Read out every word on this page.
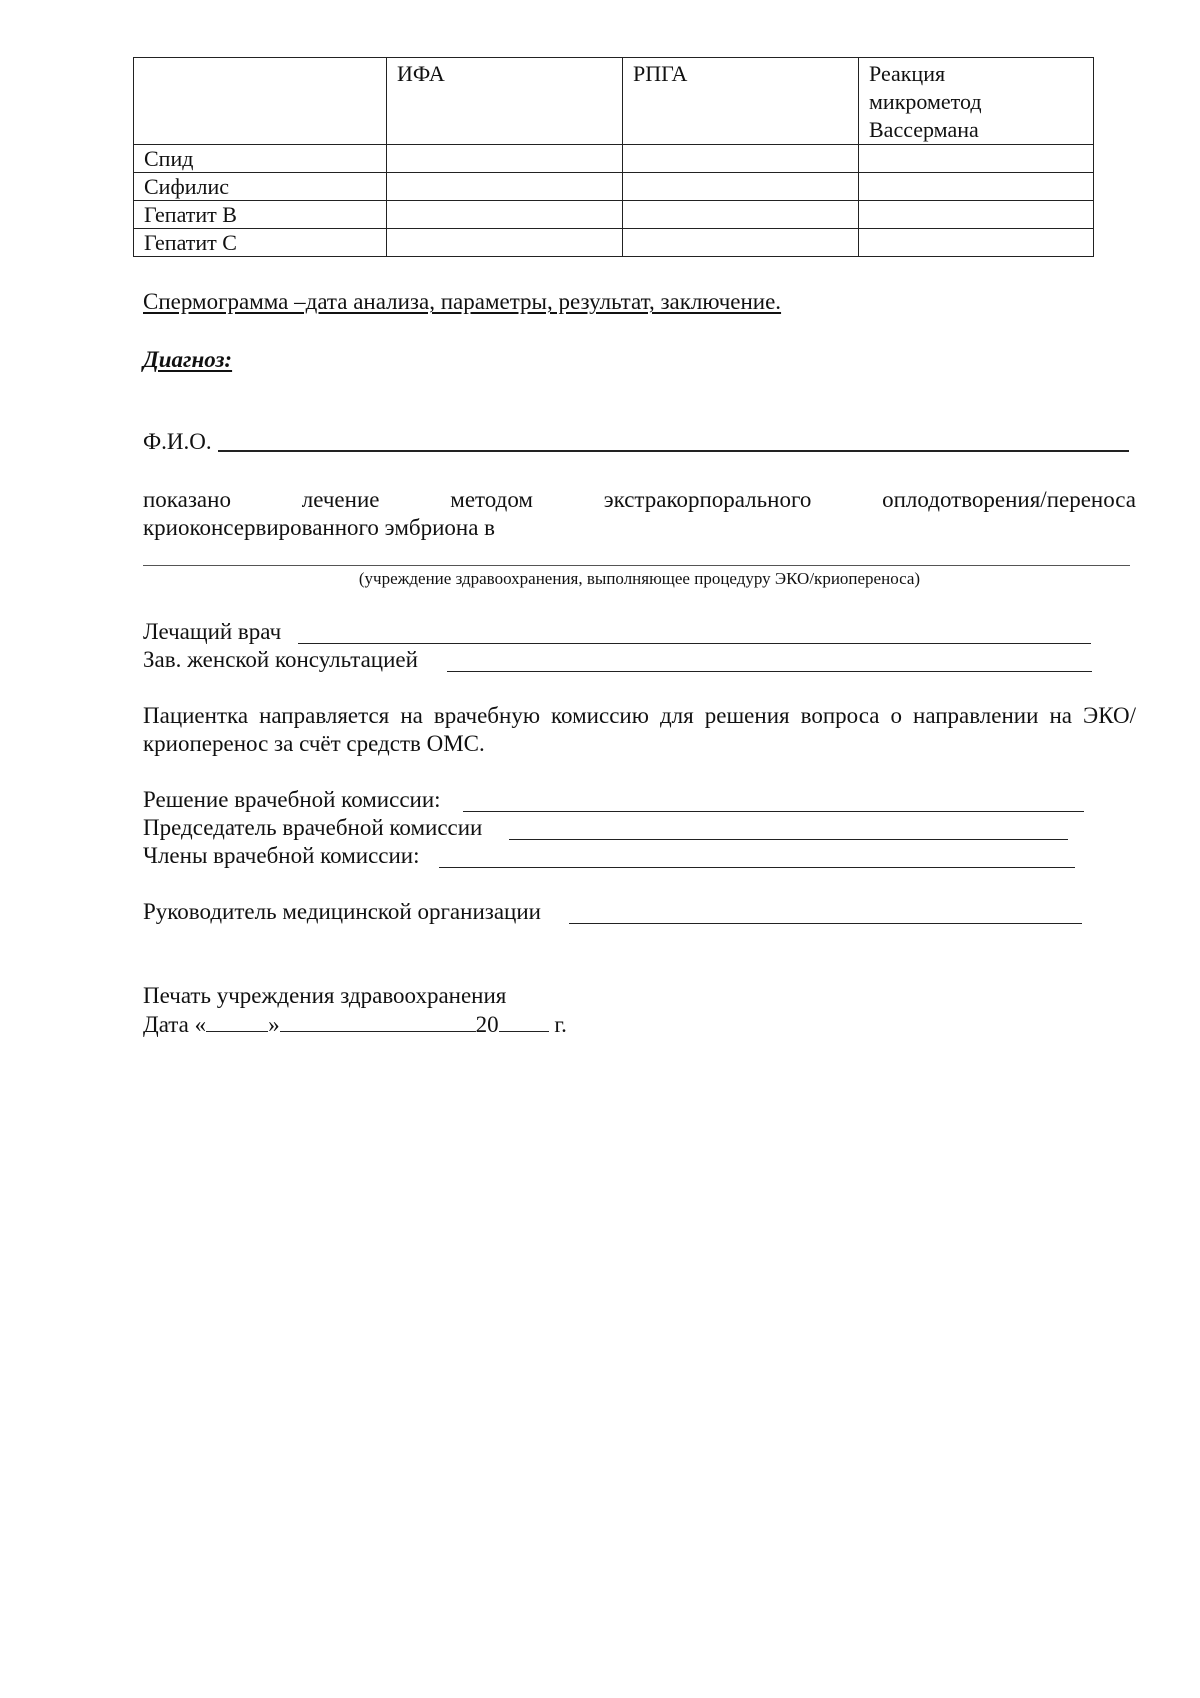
	ИФА	РПГА	Реакция микрометод Вассермана
Спид			
Сифилис			
Гепатит В			
Гепатит С			
Спермограмма –дата анализа, параметры, результат, заключение.
Диагноз:
Ф.И.О.
показано	лечение	методом	экстракорпорального	оплодотворения/переноса
криоконсервированного эмбриона в
(учреждение здравоохранения, выполняющее процедуру ЭКО/криопереноса)
Лечащий врач
Зав. женской консультацией
Пациентка направляется на врачебную комиссию для решения вопроса о направлении на ЭКО/криоперенос за счёт средств ОМС.
Решение врачебной комиссии:
Председатель врачебной комиссии
Члены врачебной комиссии:
Руководитель медицинской организации
Печать учреждения здравоохранения
Дата «	»	20 г.
